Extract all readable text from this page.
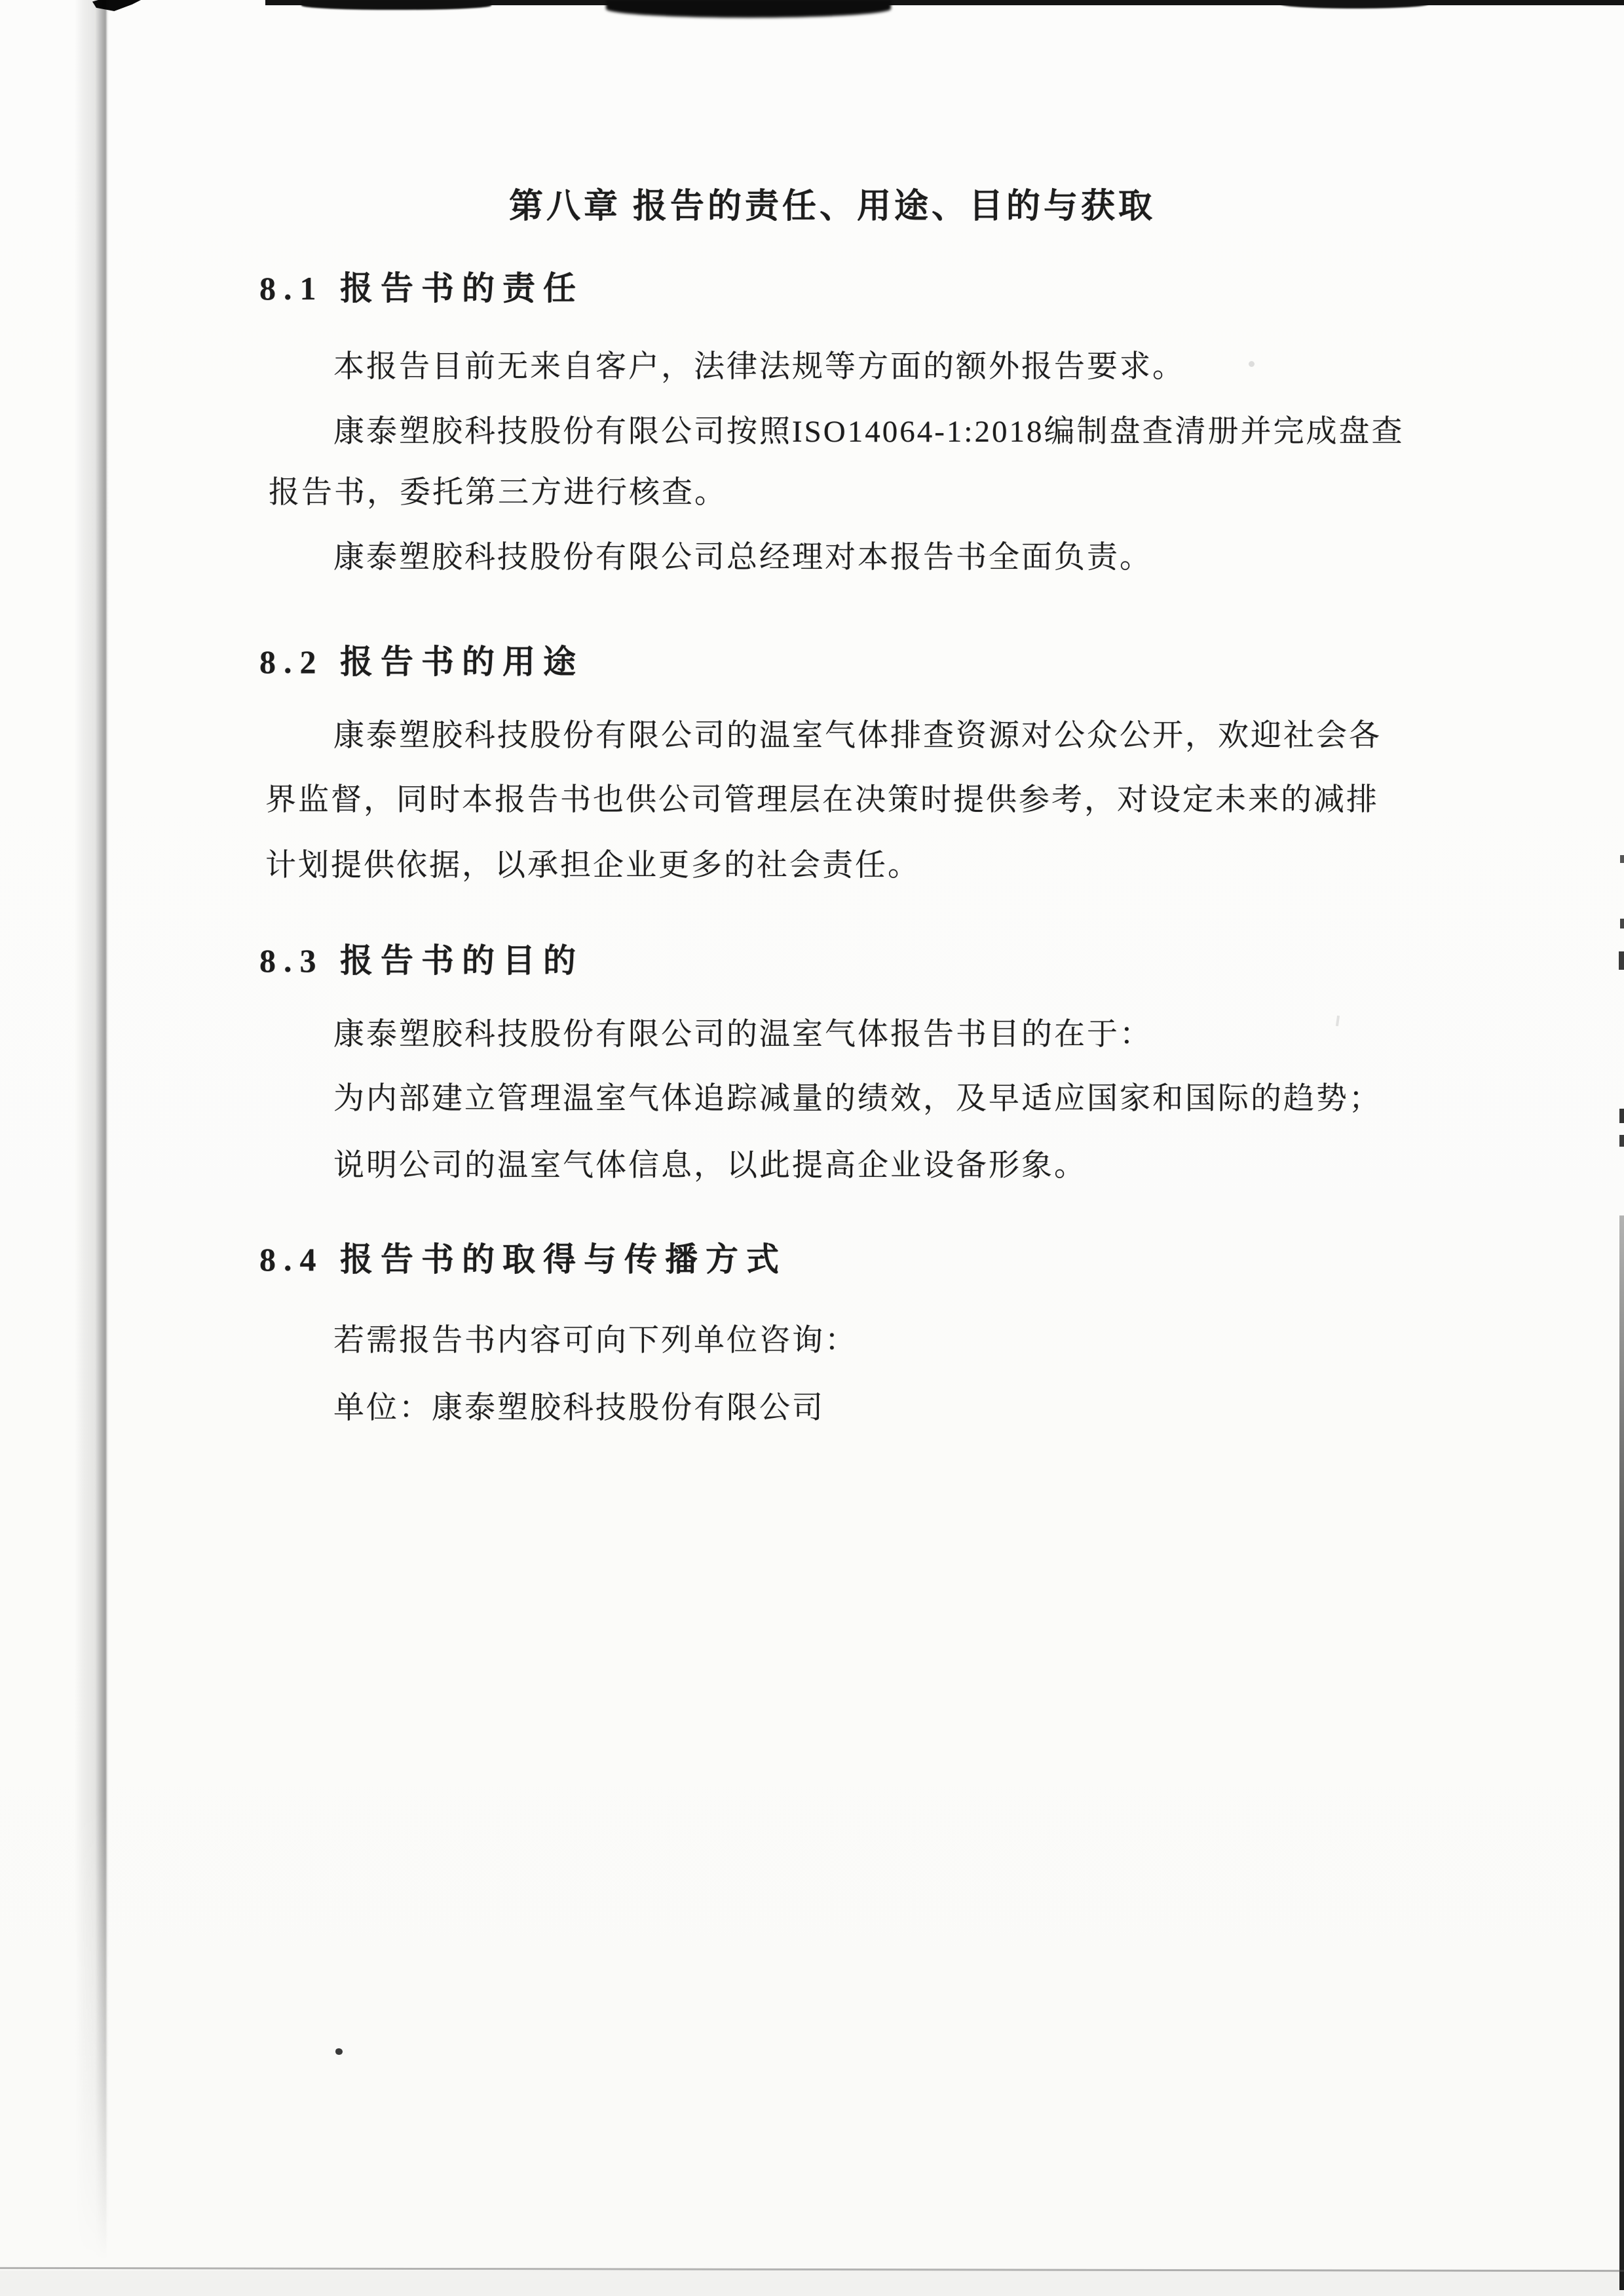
第八章 报告的责任、用途、目的与获取
8.1 报告书的责任
本报告目前无来自客户，法律法规等方面的额外报告要求。
康泰塑胶科技股份有限公司按照ISO14064-1:2018编制盘查清册并完成盘查
报告书，委托第三方进行核查。
康泰塑胶科技股份有限公司总经理对本报告书全面负责。
8.2 报告书的用途
康泰塑胶科技股份有限公司的温室气体排查资源对公众公开，欢迎社会各
界监督，同时本报告书也供公司管理层在决策时提供参考，对设定未来的减排
计划提供依据，以承担企业更多的社会责任。
8.3 报告书的目的
康泰塑胶科技股份有限公司的温室气体报告书目的在于：
为内部建立管理温室气体追踪减量的绩效，及早适应国家和国际的趋势；
说明公司的温室气体信息，以此提高企业设备形象。
8.4 报告书的取得与传播方式
若需报告书内容可向下列单位咨询：
单位：康泰塑胶科技股份有限公司
